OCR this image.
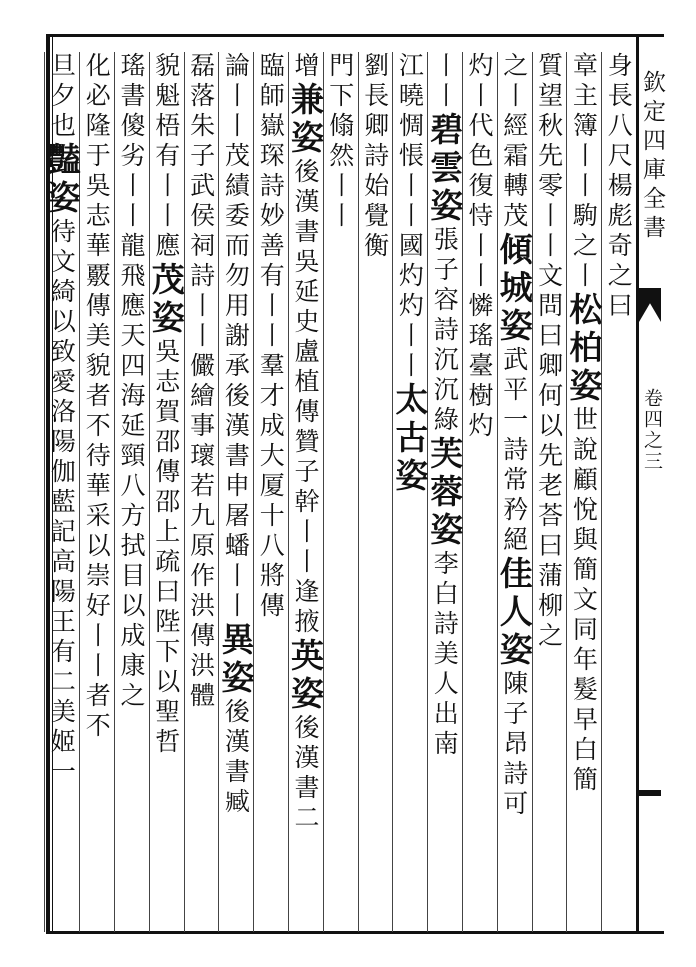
欽定四庫全書
卷四之三
身長八尺楊彪奇之曰
章主簿丨丨駒之丨松柏姿世說顧悅與簡文同年髮早白簡
質望秋先零丨丨文問曰卿何以先老荅曰蒲柳之
之丨經霜轉茂傾城姿武平一詩常矜絕佳人姿陳子昂詩可
灼丨代色復恃丨丨憐瑤臺樹灼
丨丨碧雲姿張子容詩沉沉綠芙蓉姿李白詩美人出南
江曉惆悵丨丨國灼灼丨丨太古姿
劉長卿詩始覺衡
門下翛然丨丨
增兼姿後漢書吳延史盧植傳贊子幹丨丨逢掖英姿後漢書二
臨師嶽琛詩妙善有丨丨羣才成大厦十八將傳
論丨丨茂績委而勿用謝承後漢書申屠蟠丨丨異姿後漢書臧
磊落朱子武侯祠詩丨丨儼繪事瓌若九原作洪傳洪體
貌魁梧有丨丨應茂姿吳志賀邵傳邵上疏曰陛下以聖哲
瑤書傻劣丨丨龍飛應天四海延頸八方拭目以成康之
化必隆于吳志華覈傳美貌者不待華采以崇好丨丨者不
旦夕也豔姿待文綺以致愛洛陽伽藍記高陽王有二美姬一
